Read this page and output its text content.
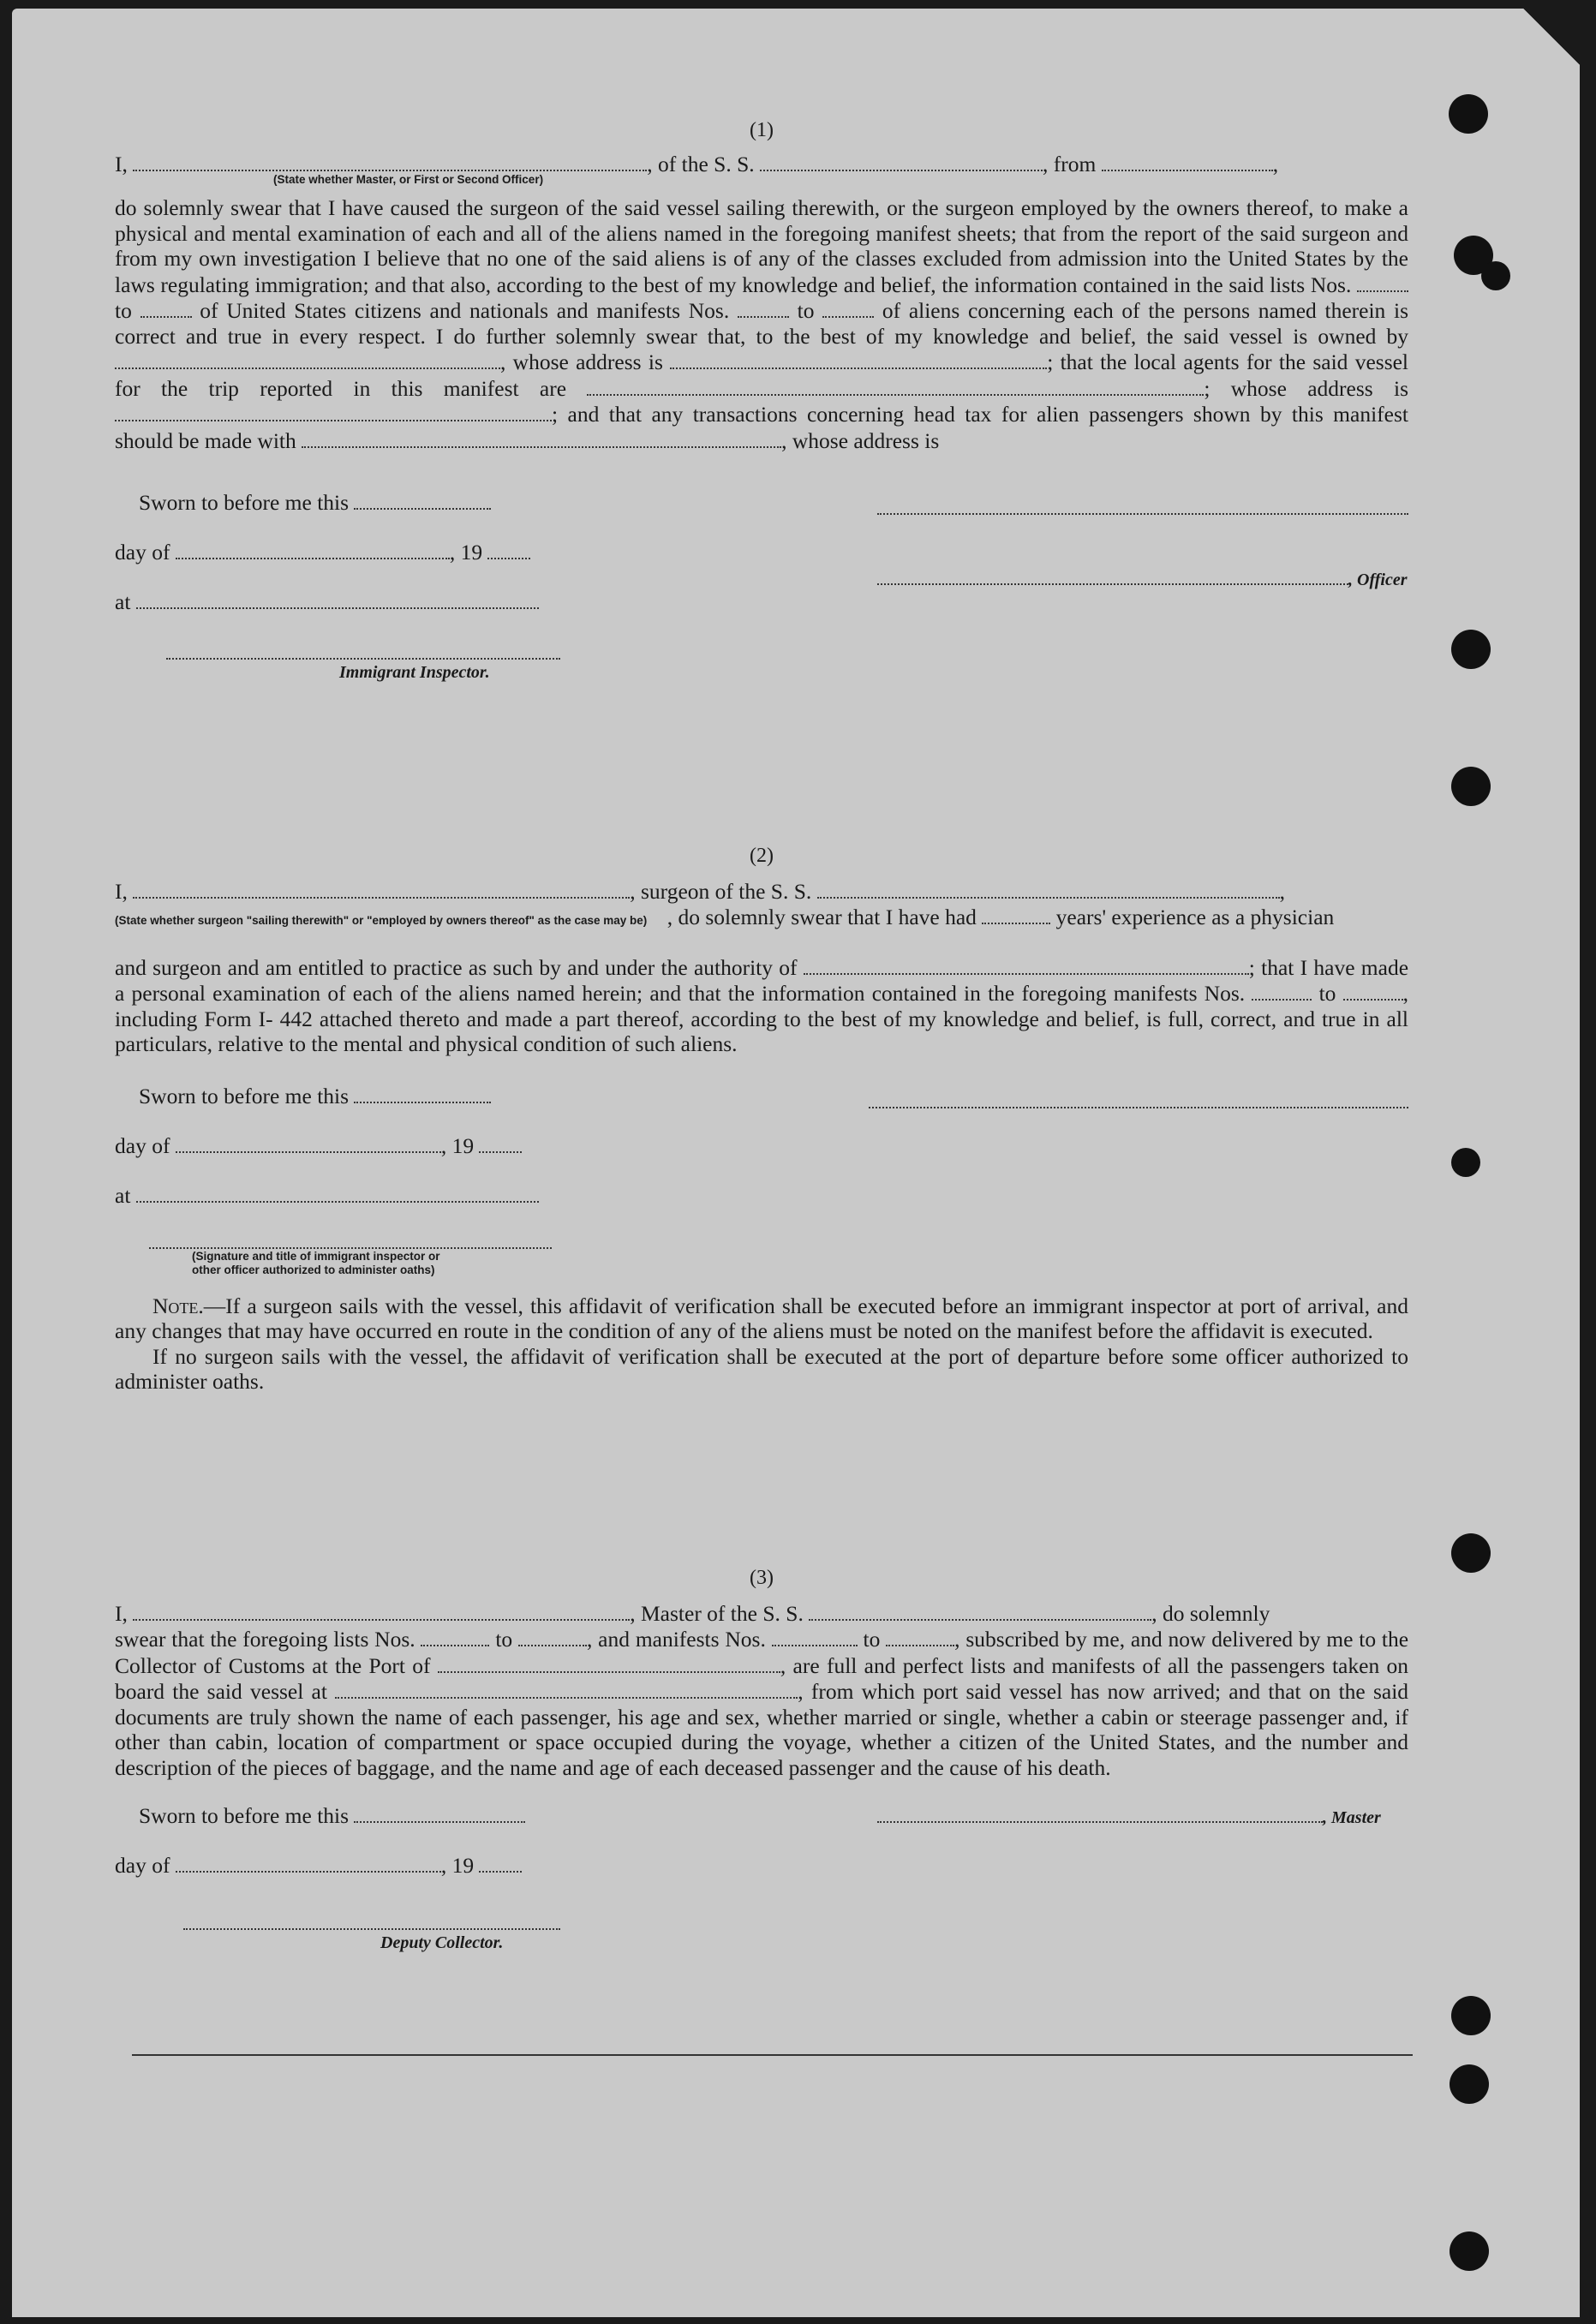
(1)
I,	, of the S. S.	, from	,
(State whether Master, or First or Second Officer)

do solemnly swear that I have caused the surgeon of the said vessel sailing therewith, or the surgeon employed by the owners thereof, to make a physical and mental examination of each and all of the aliens named in the foregoing manifest sheets; that from the report of the said surgeon and from my own investigation I believe that no one of the said aliens is of any of the classes excluded from admission into the United States by the laws regulating immigration; and that also, according to the best of my knowledge and belief, the information contained in the said lists Nos.  to	of United States citizens and nationals and manifests Nos.	to	of aliens concerning each of the persons named therein is correct and true in every respect. I do further solemnly swear that, to the best of my knowledge and belief, the said vessel is owned by , whose address is	; that the local agents for the said vessel for the trip reported in this manifest are	; whose address is ; and that any transactions concerning head tax for alien passengers shown by this manifest should be made with	, whose address is

Sworn to before me this
day of	, 19
, Officer
at
Immigrant Inspector.
(2)
I,	, surgeon of the S. S.	,
(State whether surgeon "sailing therewith" or "employed by owners thereof" as the case may be) , do solemnly swear that I have had	years' experience as a physician

and surgeon and am entitled to practice as such by and under the authority of	; that I have made a personal examination of each of the aliens named herein; and that the information contained in the foregoing manifests Nos.	to	, including Form I- 442 attached thereto and made a part thereof, according to the best of my knowledge and belief, is full, correct, and true in all particulars, relative to the mental and physical condition of such aliens.

Sworn to before me this
day of	, 19
at
(Signature and title of immigrant inspector or other officer authorized to administer oaths)

Note.—If a surgeon sails with the vessel, this affidavit of verification shall be executed before an immigrant inspector at port of arrival, and any changes that may have occurred en route in the condition of any of the aliens must be noted on the manifest before the affidavit is executed.

If no surgeon sails with the vessel, the affidavit of verification shall be executed at the port of departure before some officer authorized to administer oaths.

(3)
I,	, Master of the S. S.	, do solemnly

swear that the foregoing lists Nos.	to	, and manifests Nos.	to	, subscribed by me, and now delivered by me to the Collector of Customs at the Port of	, are full and perfect lists and manifests of all the passengers taken on board the said vessel at	, from which port said vessel has now arrived; and that on the said documents are truly shown the name of each passenger, his age and sex, whether married or single, whether a cabin or steerage passenger and, if other than cabin, location of compartment or space occupied during the voyage, whether a citizen of the United States, and the number and description of the pieces of baggage, and the name and age of each deceased passenger and the cause of his death.

Sworn to before me this	, Master
day of	, 19
Deputy Collector.
